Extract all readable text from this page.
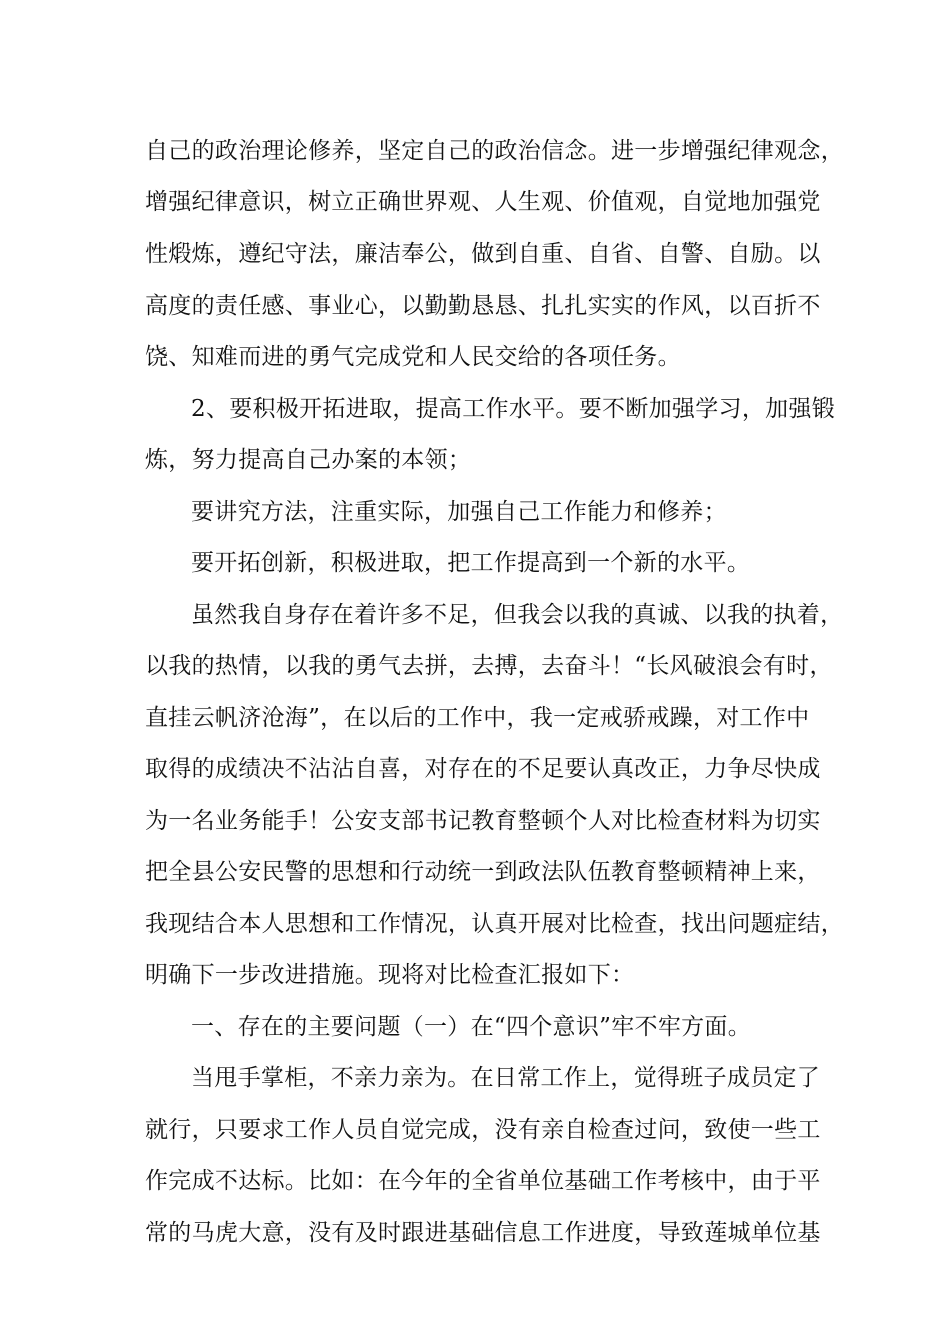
自己的政治理论修养，坚定自己的政治信念。进一步增强纪律观念，
增强纪律意识，树立正确世界观、人生观、价值观，自觉地加强党
性煅炼，遵纪守法，廉洁奉公，做到自重、自省、自警、自励。以
高度的责任感、事业心，以勤勤恳恳、扎扎实实的作风，以百折不
饶、知难而进的勇气完成党和人民交给的各项任务。
2、要积极开拓进取，提高工作水平。要不断加强学习，加强锻
炼，努力提高自己办案的本领；
要讲究方法，注重实际，加强自己工作能力和修养；
要开拓创新，积极进取，把工作提高到一个新的水平。
虽然我自身存在着许多不足，但我会以我的真诚、以我的执着，
以我的热情，以我的勇气去拼，去搏，去奋斗！“长风破浪会有时，
直挂云帆济沧海”，在以后的工作中，我一定戒骄戒躁，对工作中
取得的成绩决不沾沾自喜，对存在的不足要认真改正，力争尽快成
为一名业务能手！公安支部书记教育整顿个人对比检查材料为切实
把全县公安民警的思想和行动统一到政法队伍教育整顿精神上来，
我现结合本人思想和工作情况，认真开展对比检查，找出问题症结，
明确下一步改进措施。现将对比检查汇报如下：
一、存在的主要问题（一）在“四个意识”牢不牢方面。
当甩手掌柜，不亲力亲为。在日常工作上，觉得班子成员定了
就行，只要求工作人员自觉完成，没有亲自检查过问，致使一些工
作完成不达标。比如：在今年的全省单位基础工作考核中，由于平
常的马虎大意，没有及时跟进基础信息工作进度，导致莲城单位基
